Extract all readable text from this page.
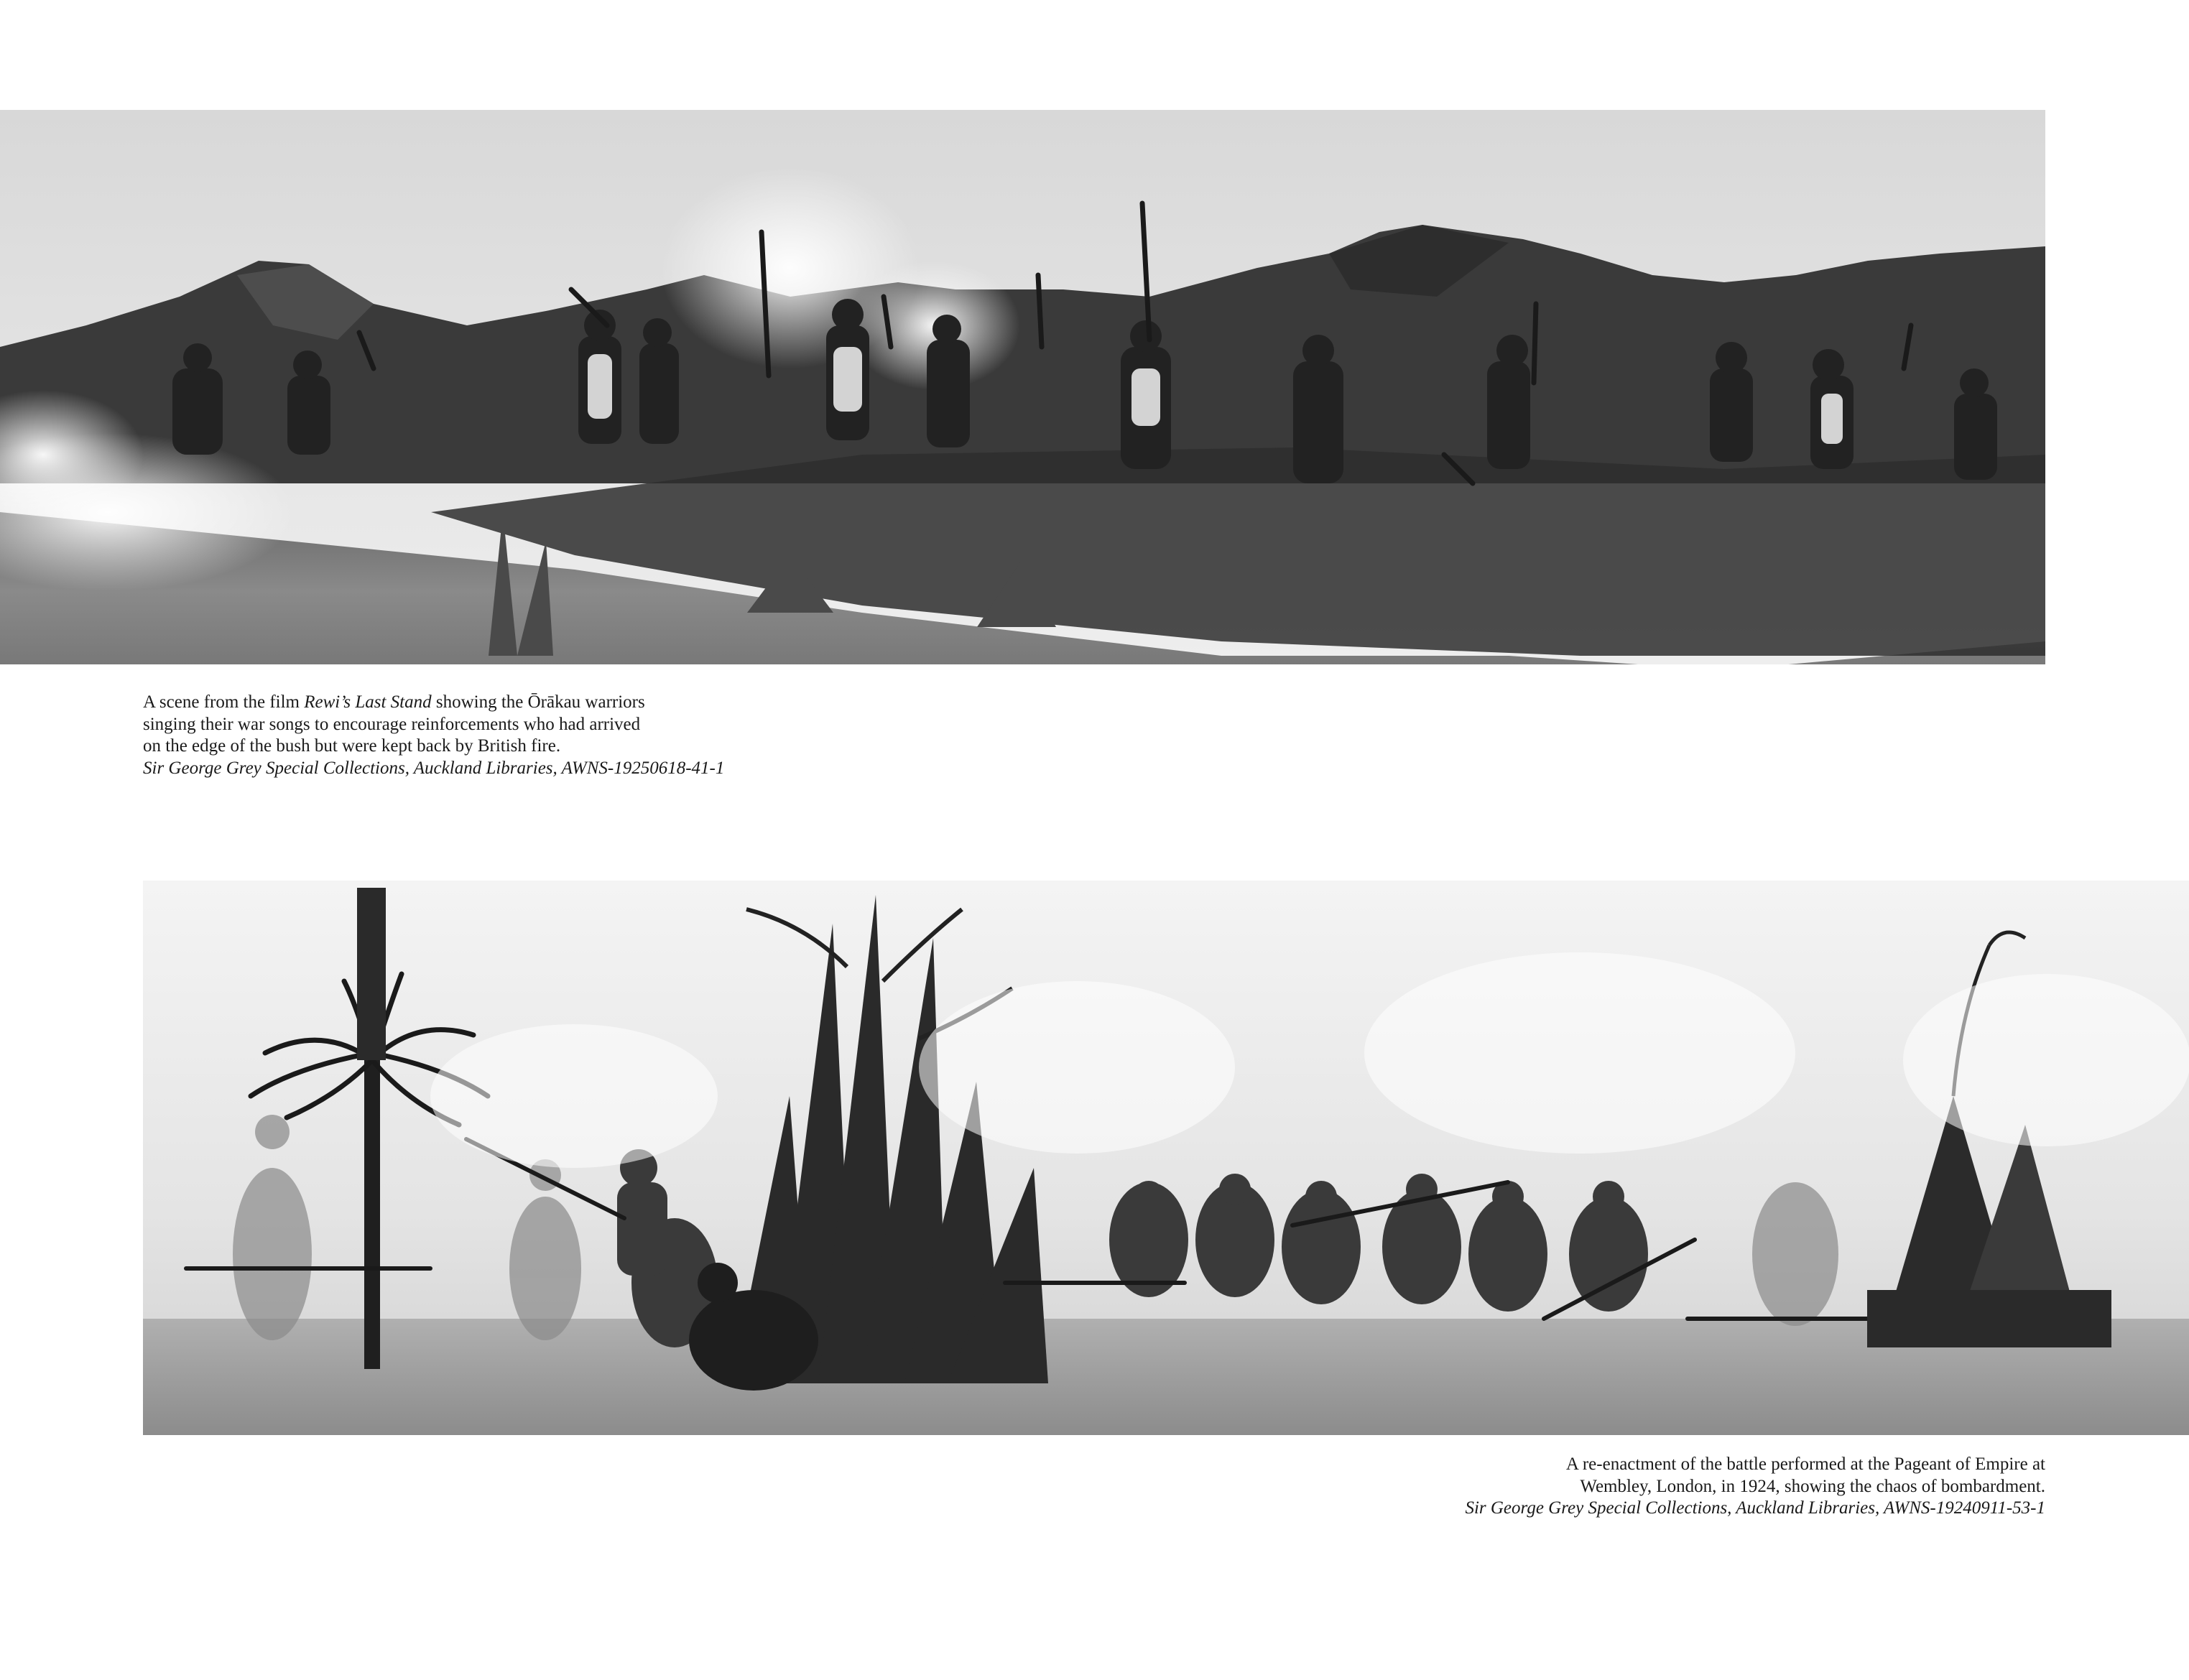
A scene from the film Rewi’s Last Stand showing the Ōrākau warriors
singing their war songs to encourage reinforcements who had arrived
on the edge of the bush but were kept back by British fire.
Sir George Grey Special Collections, Auckland Libraries, AWNS-19250618-41-1
A re-enactment of the battle performed at the Pageant of Empire at
Wembley, London, in 1924, showing the chaos of bombardment.
Sir George Grey Special Collections, Auckland Libraries, AWNS-19240911-53-1
